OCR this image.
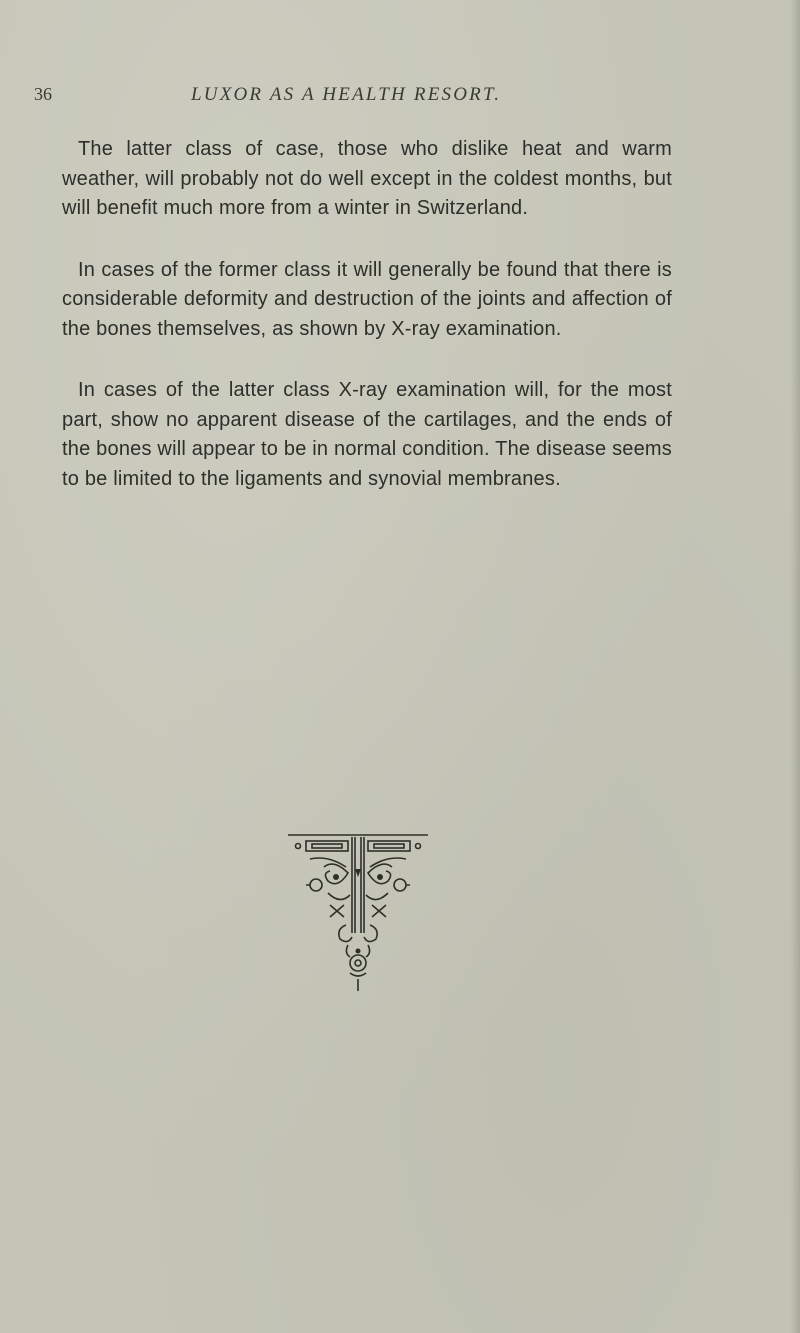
36	LUXOR AS A HEALTH RESORT.

The latter class of case, those who dislike heat and warm weather, will probably not do well except in the coldest months, but will benefit much more from a winter in Switzerland.

In cases of the former class it will generally be found that there is considerable deformity and destruction of the joints and affection of the bones themselves, as shown by X-ray examination.

In cases of the latter class X-ray examination will, for the most part, show no apparent disease of the cartilages, and the ends of the bones will appear to be in normal condition. The disease seems to be limited to the ligaments and synovial membranes.
